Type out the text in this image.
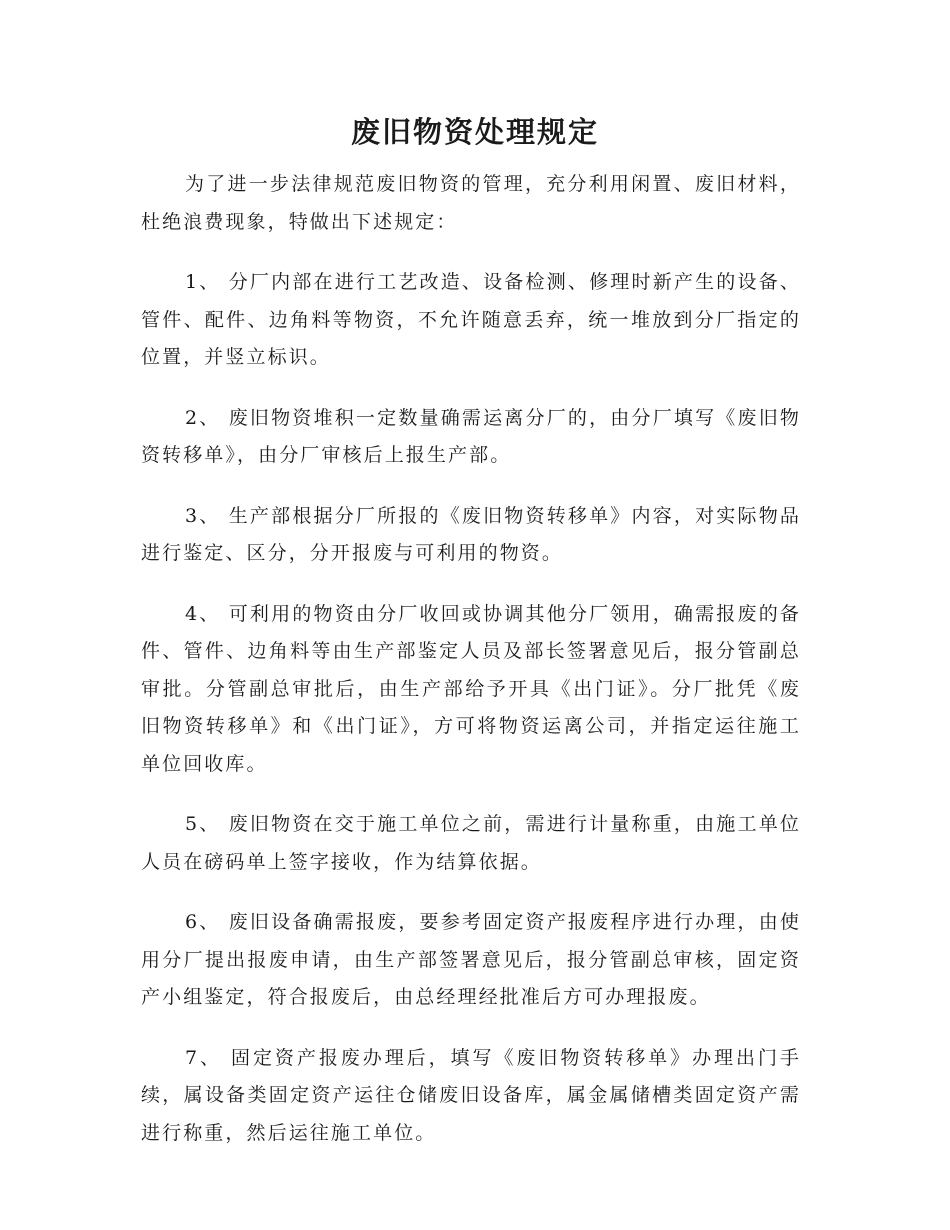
废旧物资处理规定

为了进一步法律规范废旧物资的管理，充分利用闲置、废旧材料，杜绝浪费现象，特做出下述规定：

1、 分厂内部在进行工艺改造、设备检测、修理时新产生的设备、管件、配件、边角料等物资，不允许随意丢弃，统一堆放到分厂指定的位置，并竖立标识。

2、 废旧物资堆积一定数量确需运离分厂的，由分厂填写《废旧物资转移单》，由分厂审核后上报生产部。

3、 生产部根据分厂所报的《废旧物资转移单》内容，对实际物品进行鉴定、区分，分开报废与可利用的物资。

4、 可利用的物资由分厂收回或协调其他分厂领用，确需报废的备件、管件、边角料等由生产部鉴定人员及部长签署意见后，报分管副总审批。分管副总审批后，由生产部给予开具《出门证》。分厂批凭《废旧物资转移单》和《出门证》，方可将物资运离公司，并指定运往施工单位回收库。

5、 废旧物资在交于施工单位之前，需进行计量称重，由施工单位人员在磅码单上签字接收，作为结算依据。

6、 废旧设备确需报废，要参考固定资产报废程序进行办理，由使用分厂提出报废申请，由生产部签署意见后，报分管副总审核，固定资产小组鉴定，符合报废后，由总经理经批准后方可办理报废。

7、 固定资产报废办理后，填写《废旧物资转移单》办理出门手续，属设备类固定资产运往仓储废旧设备库，属金属储槽类固定资产需进行称重，然后运往施工单位。
